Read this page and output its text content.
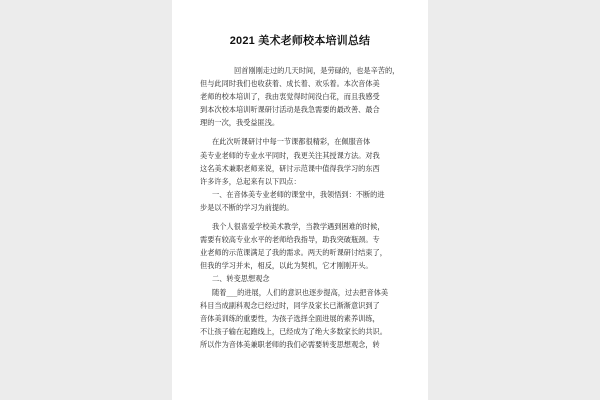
2021 美术老师校本培训总结
回首刚刚走过的几天时间，是劳碌的，也是辛苦的，
但与此同时我们也收获着、成长着、欢乐着。本次音体美
老师的校本培训了，我由衷觉得时间没白花，而且我感受
到本次校本培训听课研讨活动是我急需要的最改善、最合
理的一次，我受益匪浅。
在此次听课研讨中每一节课都很精彩，在佩服音体
美专业老师的专业水平同时，我更关注其授课方法。对我
这名美术兼职老师来说，研讨示范课中值得我学习的东西
许多许多，总起来有以下四点：
一、在音体美专业老师的课堂中，我领悟到：不断的进
步是以不断的学习为前提的。
我个人很喜爱学校美术教学，当教学遇到困难的时候，
需要有较高专业水平的老师给我指导，助我突破瓶颈。专
业老师的示范课满足了我的需求。两天的听课研讨结束了，
但我的学习并未，相反，以此为契机，它才刚刚开头。
二、转变思想观念
随着___的进展，人们的意识也逐步提高，过去把音体美
科目当成副科观念已经过时，同学及家长已渐渐意识到了
音体美训练的重要性，为孩子选择全面进展的素养训练，
不让孩子输在起跑线上，已经成为了绝大多数家长的共识。
所以作为音体美兼职老师的我们必需要转变思想观念，转
